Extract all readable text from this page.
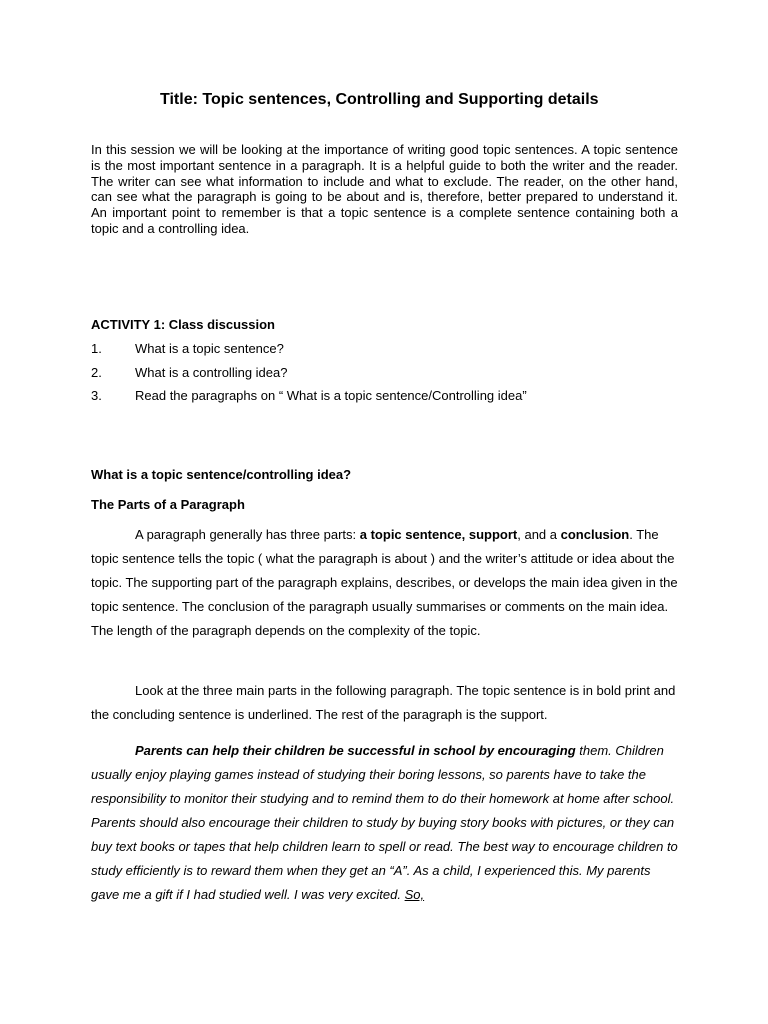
Title: Topic sentences, Controlling and Supporting details
In this session we will be looking at the importance of writing good topic sentences. A topic sentence is the most important sentence in a paragraph. It is a helpful guide to both the writer and the reader. The writer can see what information to include and what to exclude. The reader, on the other hand, can see what the paragraph is going to be about and is, therefore, better prepared to understand it. An important point to remember is that a topic sentence is a complete sentence containing both a topic and a controlling idea.
ACTIVITY 1: Class discussion
1.	What is a topic sentence?
2.	What is a controlling idea?
3.	Read the paragraphs on “ What is a topic sentence/Controlling idea”
What is a topic sentence/controlling idea?
The Parts of a Paragraph
A paragraph generally has three parts: a topic sentence, support, and a conclusion. The topic sentence tells the topic ( what the paragraph is about ) and the writer’s attitude or idea about the topic. The supporting part of the paragraph explains, describes, or develops the main idea given in the topic sentence. The conclusion of the paragraph usually summarises or comments on the main idea. The length of the paragraph depends on the complexity of the topic.
Look at the three main parts in the following paragraph. The topic sentence is in bold print and the concluding sentence is underlined. The rest of the paragraph is the support.
Parents can help their children be successful in school by encouraging them. Children usually enjoy playing games instead of studying their boring lessons, so parents have to take the responsibility to monitor their studying and to remind them to do their homework at home after school. Parents should also encourage their children to study by buying story books with pictures, or they can buy text books or tapes that help children learn to spell or read. The best way to encourage children to study efficiently is to reward them when they get an “A”. As a child, I experienced this. My parents gave me a gift if I had studied well. I was very excited. So,
